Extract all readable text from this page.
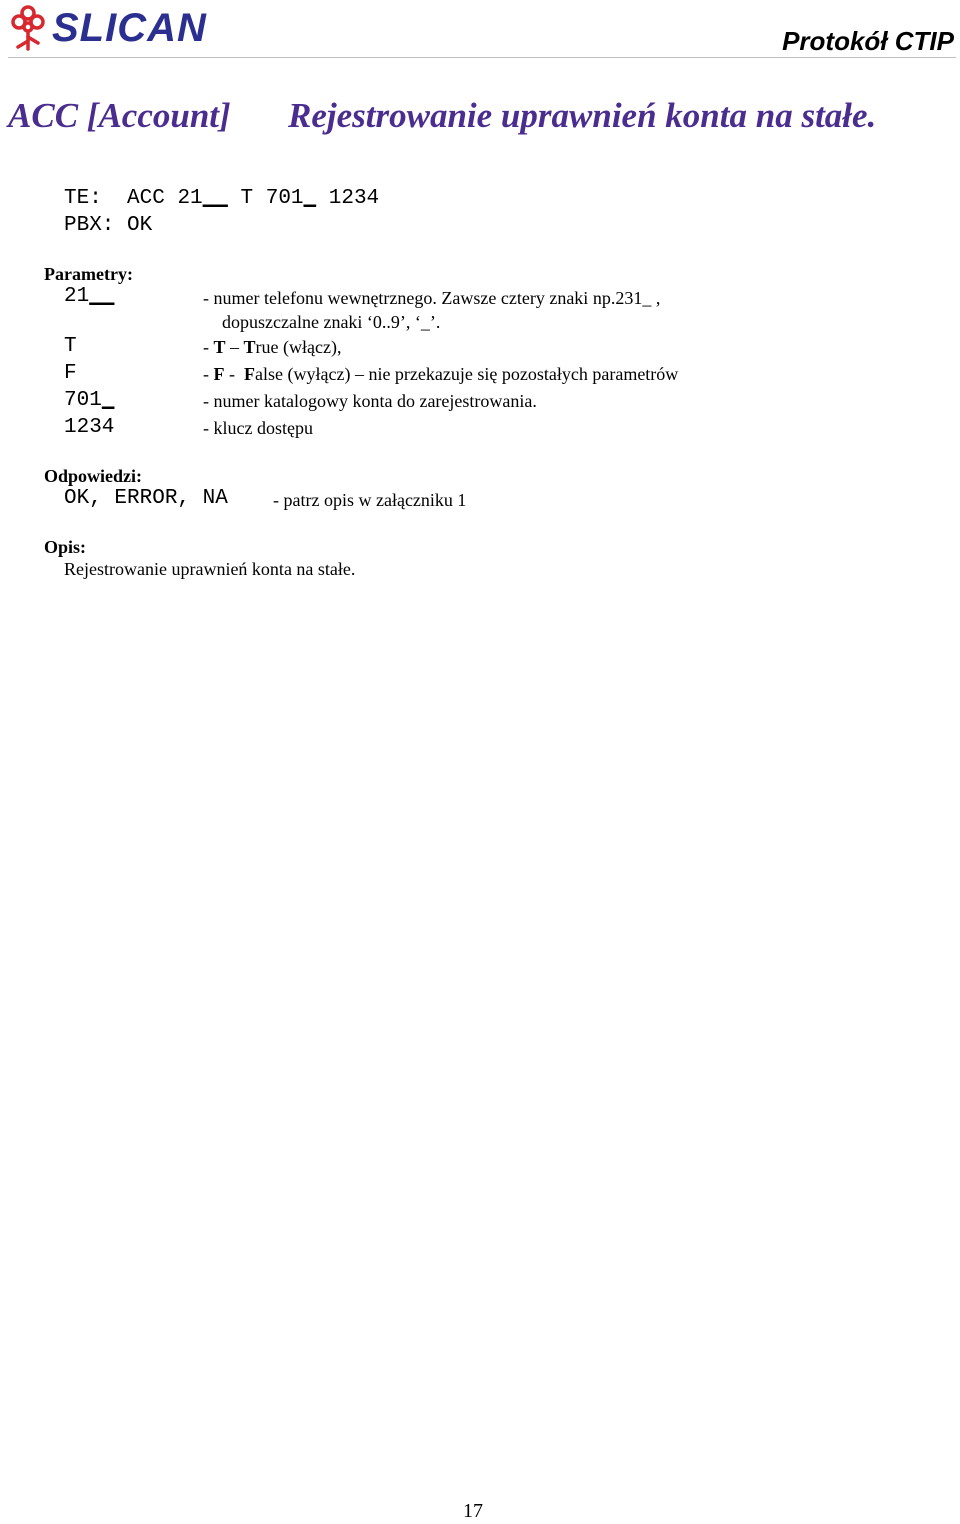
SLICAN	Protokół CTIP
ACC [Account] Rejestrowanie uprawnień konta na stałe.
TE: ACC 21__ T 701_ 1234
PBX: OK
Parametry:
21__	- numer telefonu wewnętrznego. Zawsze cztery znaki np.231_ ,
dopuszczalne znaki ‘0..9’, ‘_’.
T	- T – True (włącz),
F	- F -  False (wyłącz) – nie przekazuje się pozostałych parametrów
701_	- numer katalogowy konta do zarejestrowania.
1234	- klucz dostępu
Odpowiedzi:
OK, ERROR, NA	- patrz opis w załączniku 1
Opis:
Rejestrowanie uprawnień konta na stałe.
17
